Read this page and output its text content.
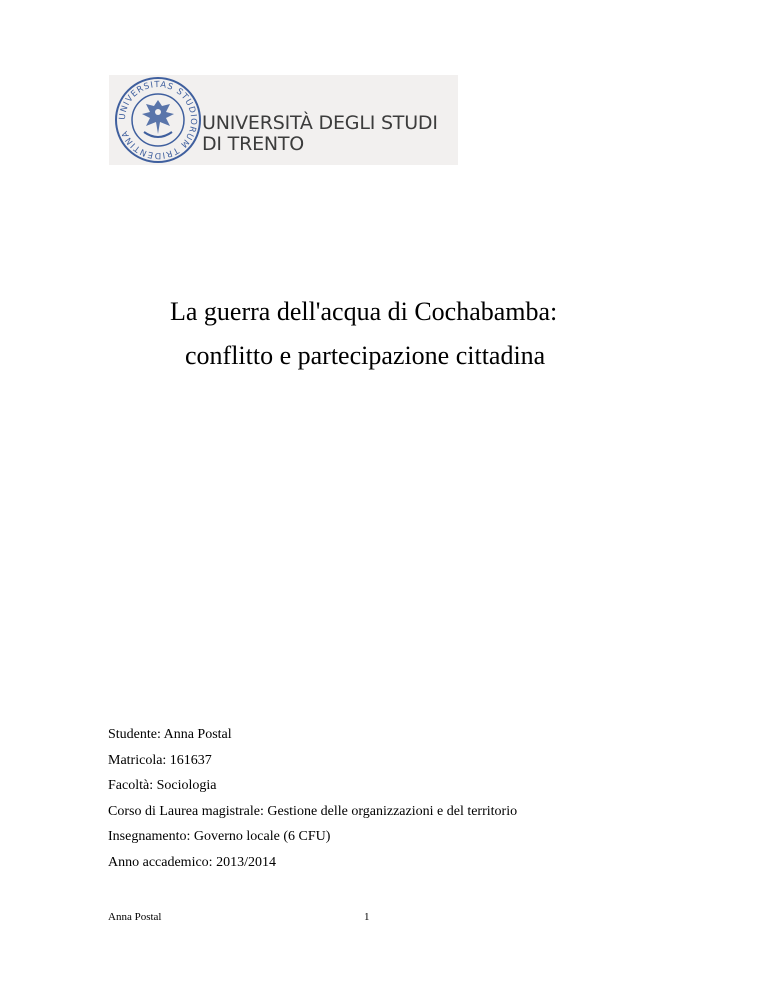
UNIVERSITAS STUDIORUM TRIDENTINA	UNIVERSITÀ DEGLI STUDI
DI TRENTO
La guerra dell'acqua di Cochabamba:
conflitto e partecipazione cittadina
Studente: Anna Postal
Matricola: 161637
Facoltà: Sociologia
Corso di Laurea magistrale: Gestione delle organizzazioni e del territorio
Insegnamento: Governo locale (6 CFU)
Anno accademico: 2013/2014
Anna Postal	1
